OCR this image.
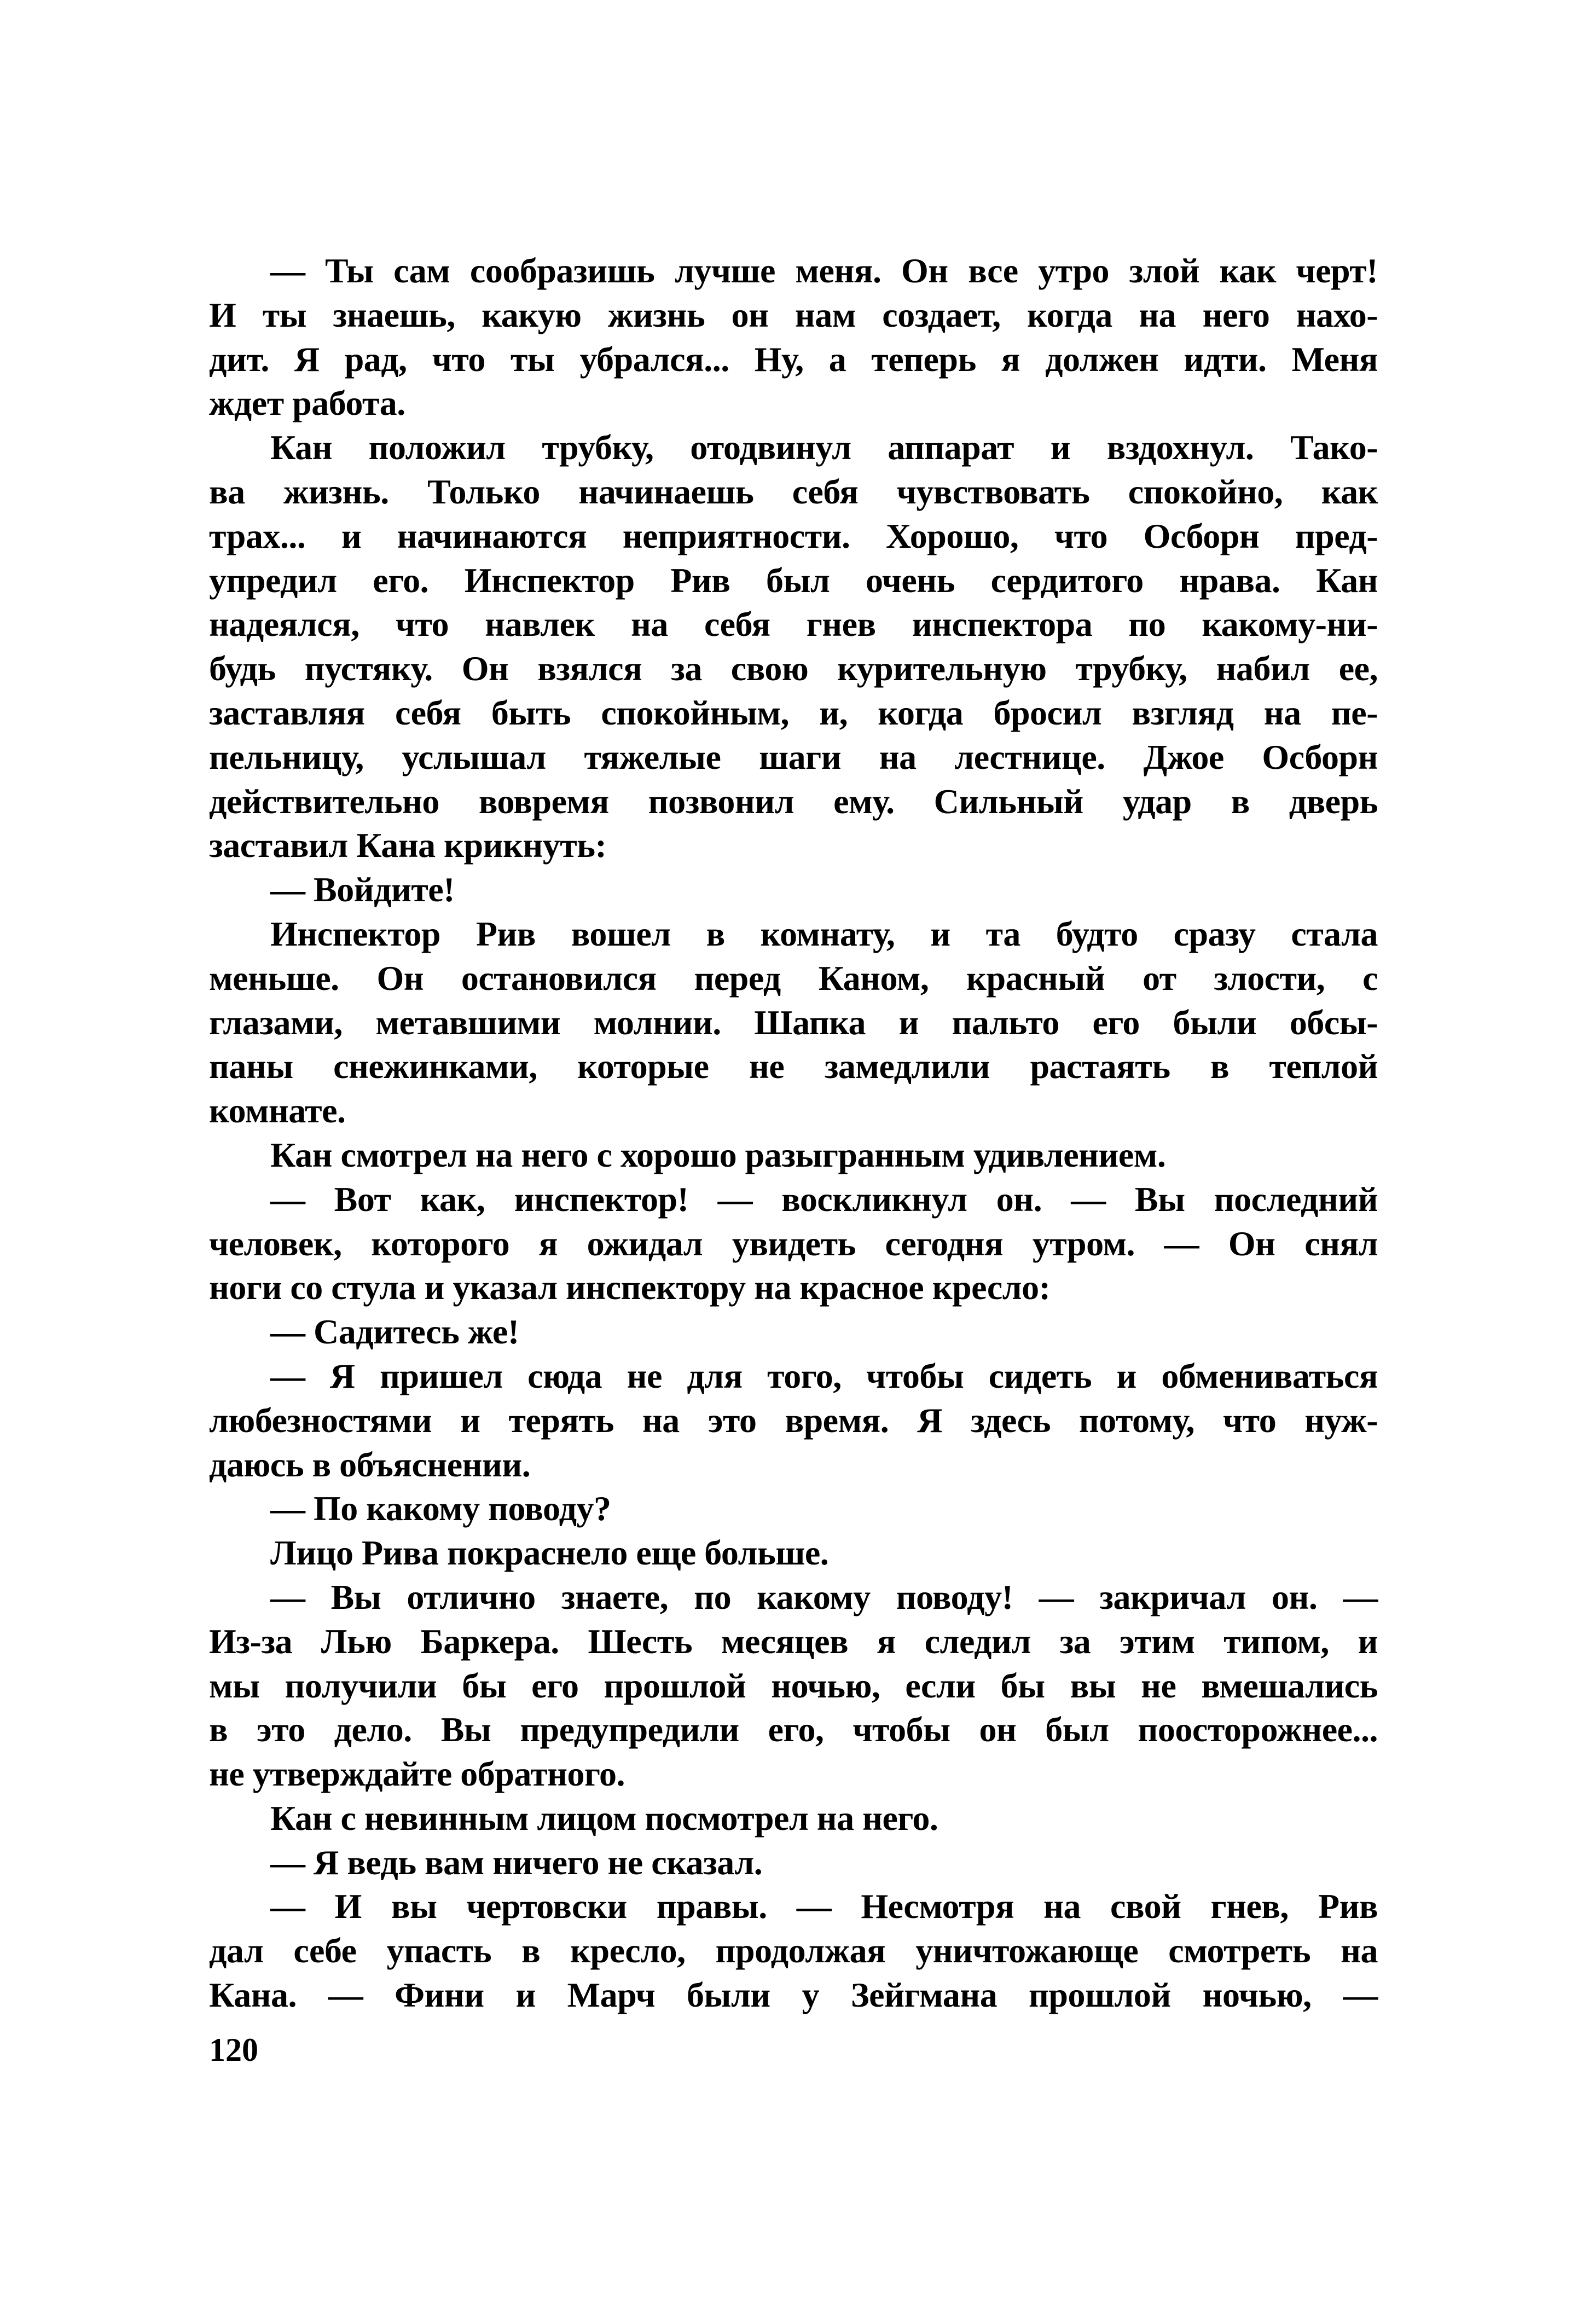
— Ты сам сообразишь лучше меня. Он все утро злой как черт!
И ты знаешь, какую жизнь он нам создает, когда на него нахо-
дит. Я рад, что ты убрался... Ну, а теперь я должен идти. Меня
ждет работа.
Кан положил трубку, отодвинул аппарат и вздохнул. Тако-
ва жизнь. Только начинаешь себя чувствовать спокойно, как
трах... и начинаются неприятности. Хорошо, что Осборн пред-
упредил его. Инспектор Рив был очень сердитого нрава. Кан
надеялся, что навлек на себя гнев инспектора по какому-ни-
будь пустяку. Он взялся за свою курительную трубку, набил ее,
заставляя себя быть спокойным, и, когда бросил взгляд на пе-
пельницу, услышал тяжелые шаги на лестнице. Джое Осборн
действительно вовремя позвонил ему. Сильный удар в дверь
заставил Кана крикнуть:
— Войдите!
Инспектор Рив вошел в комнату, и та будто сразу стала
меньше. Он остановился перед Каном, красный от злости, с
глазами, метавшими молнии. Шапка и пальто его были обсы-
паны снежинками, которые не замедлили растаять в теплой
комнате.
Кан смотрел на него с хорошо разыгранным удивлением.
— Вот как, инспектор! — воскликнул он. — Вы последний
человек, которого я ожидал увидеть сегодня утром. — Он снял
ноги со стула и указал инспектору на красное кресло:
— Садитесь же!
— Я пришел сюда не для того, чтобы сидеть и обмениваться
любезностями и терять на это время. Я здесь потому, что нуж-
даюсь в объяснении.
— По какому поводу?
Лицо Рива покраснело еще больше.
— Вы отлично знаете, по какому поводу! — закричал он. —
Из-за Лью Баркера. Шесть месяцев я следил за этим типом, и
мы получили бы его прошлой ночью, если бы вы не вмешались
в это дело. Вы предупредили его, чтобы он был поосторожнее...
не утверждайте обратного.
Кан с невинным лицом посмотрел на него.
— Я ведь вам ничего не сказал.
— И вы чертовски правы. — Несмотря на свой гнев, Рив
дал себе упасть в кресло, продолжая уничтожающе смотреть на
Кана. — Фини и Марч были у Зейгмана прошлой ночью, —
120
